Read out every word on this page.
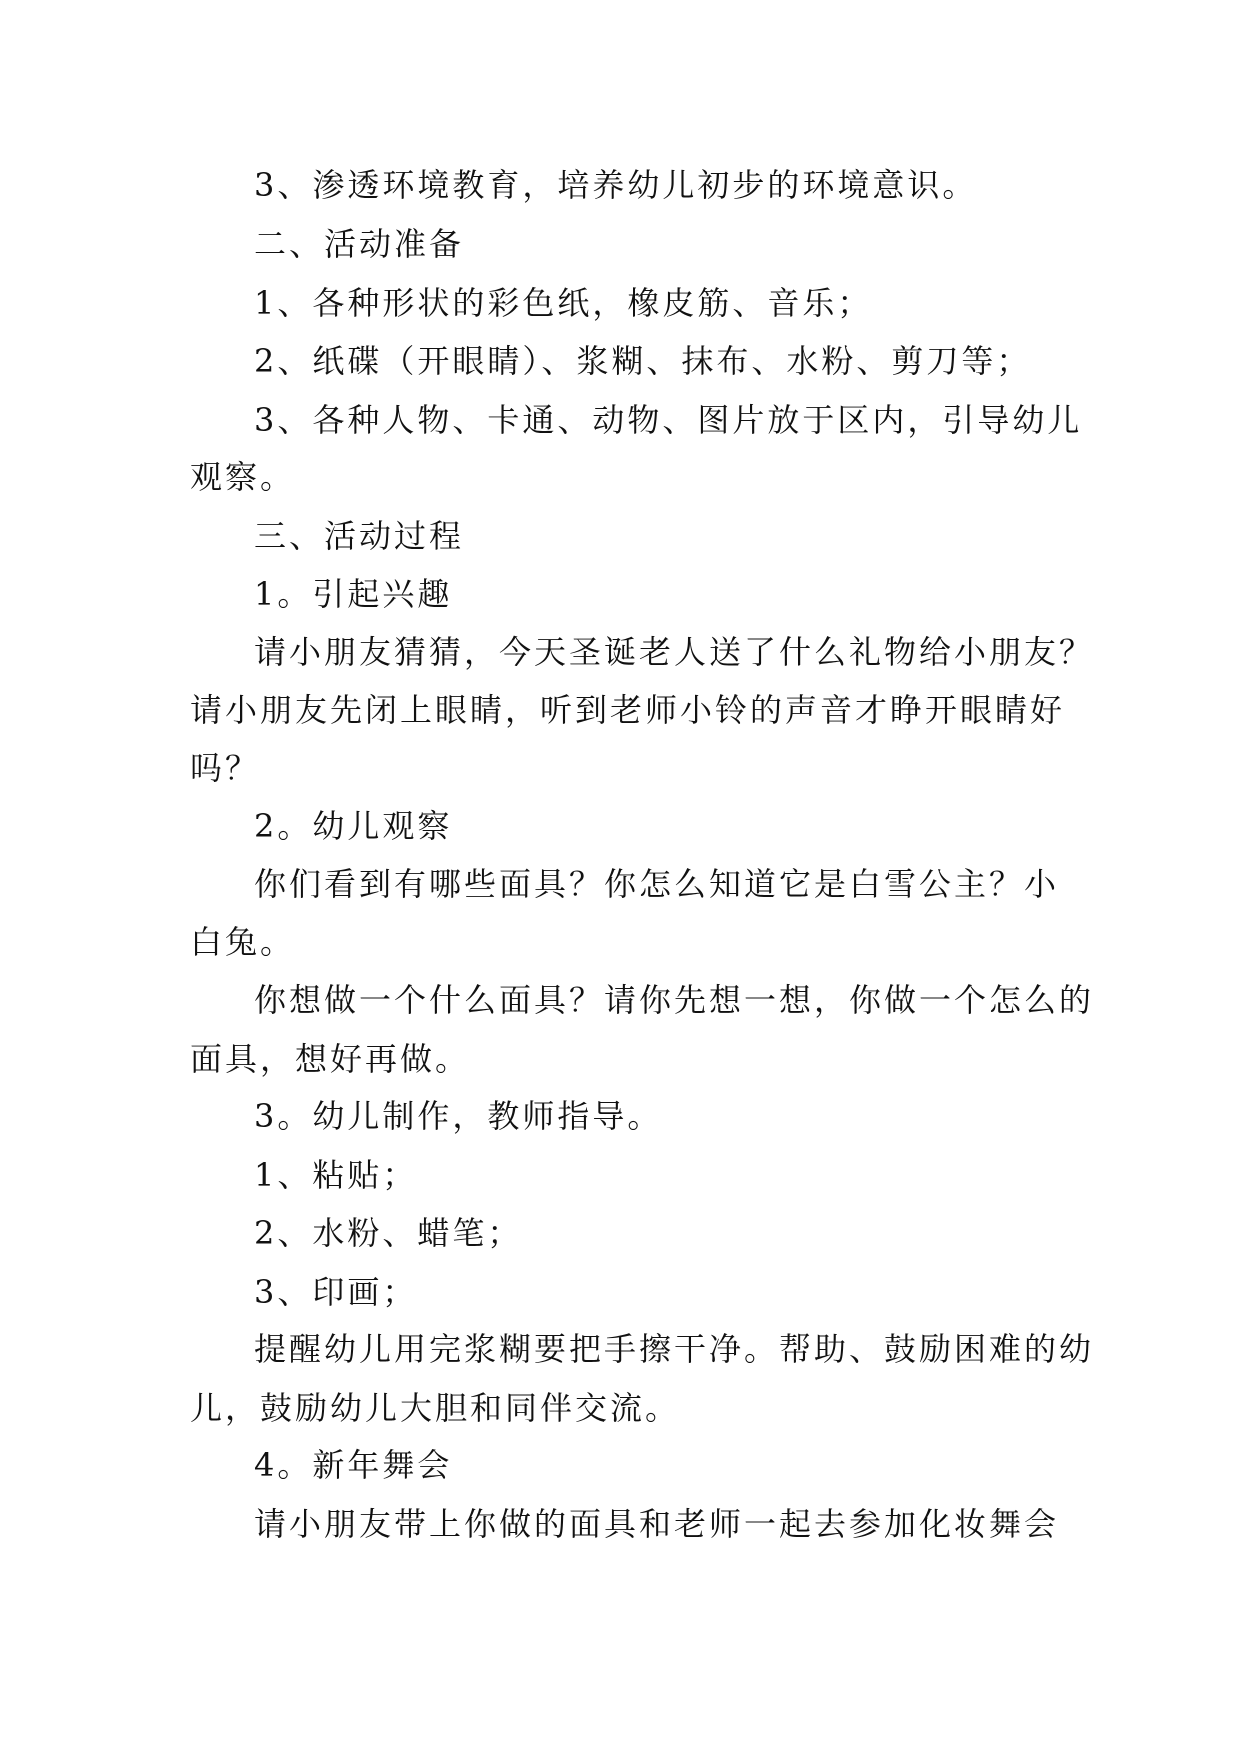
3、渗透环境教育，培养幼儿初步的环境意识。
二、活动准备
1、各种形状的彩色纸，橡皮筋、音乐；
2、纸碟（开眼睛）、浆糊、抹布、水粉、剪刀等；
3、各种人物、卡通、动物、图片放于区内，引导幼儿
观察。
三、活动过程
1。引起兴趣
请小朋友猜猜，今天圣诞老人送了什么礼物给小朋友？
请小朋友先闭上眼睛，听到老师小铃的声音才睁开眼睛好
吗？
2。幼儿观察
你们看到有哪些面具？你怎么知道它是白雪公主？小
白兔。
你想做一个什么面具？请你先想一想，你做一个怎么的
面具，想好再做。
3。幼儿制作，教师指导。
1、粘贴；
2、水粉、蜡笔；
3、印画；
提醒幼儿用完浆糊要把手擦干净。帮助、鼓励困难的幼
儿，鼓励幼儿大胆和同伴交流。
4。新年舞会
请小朋友带上你做的面具和老师一起去参加化妆舞会
